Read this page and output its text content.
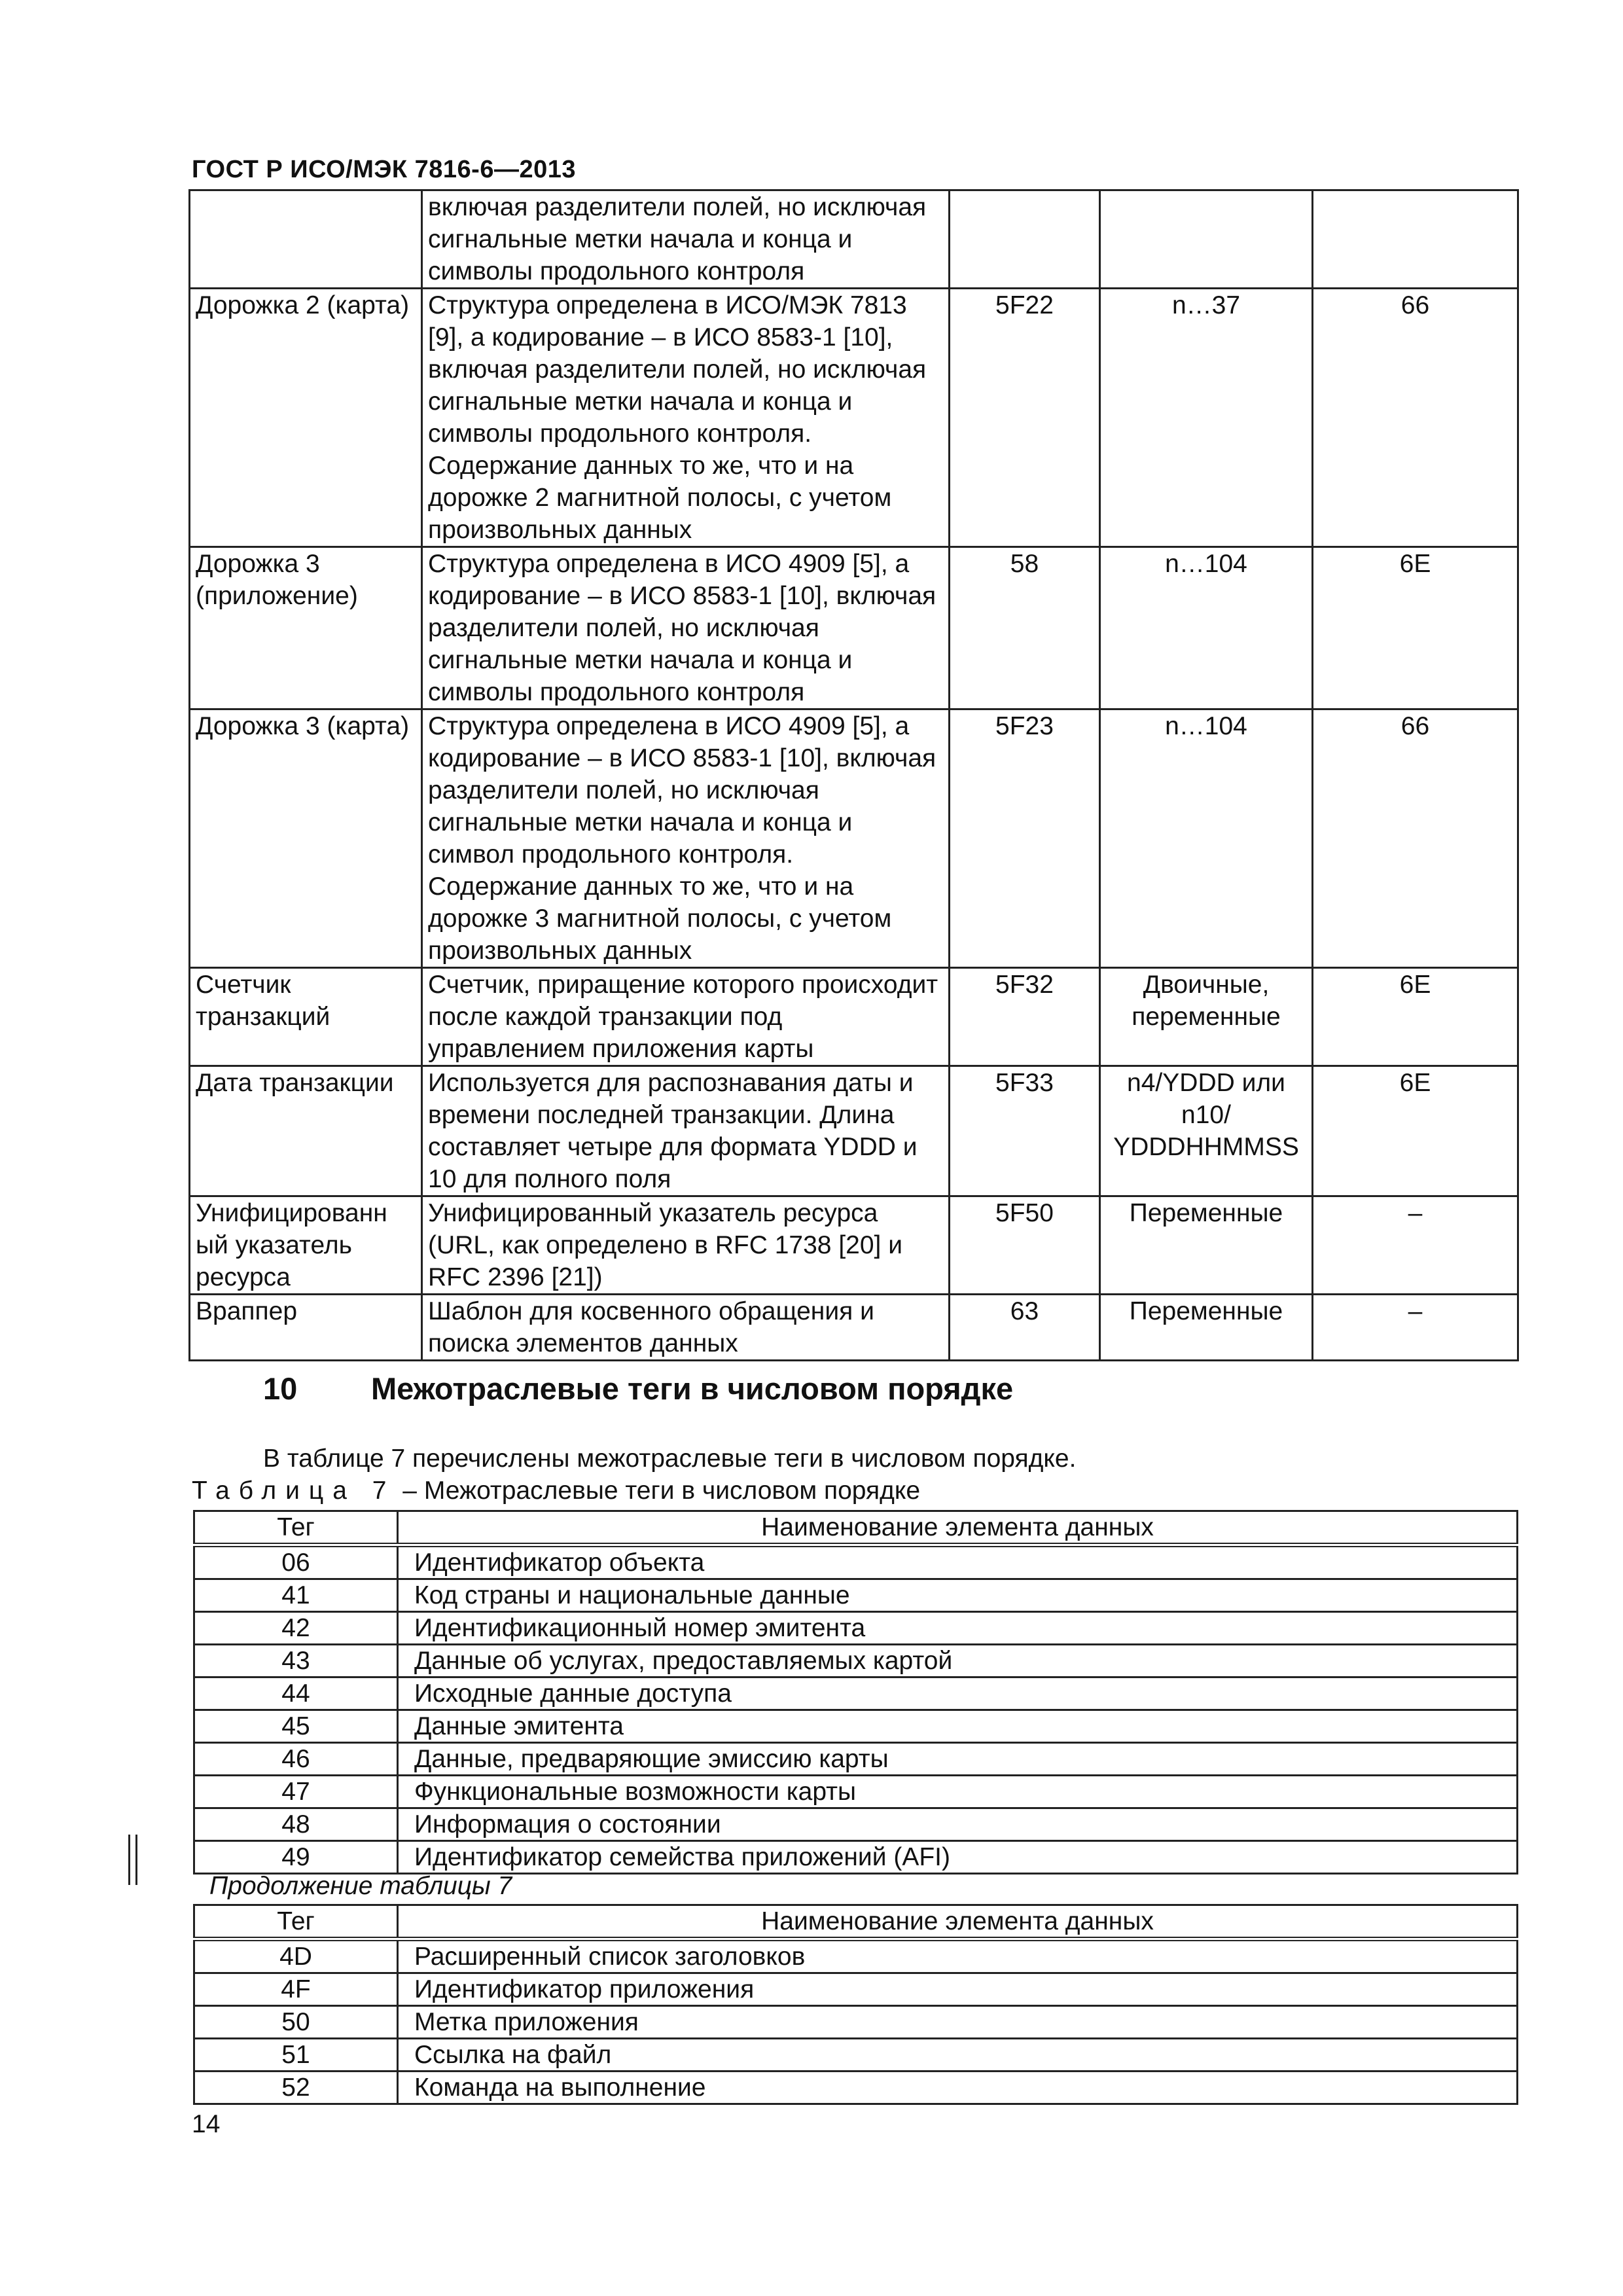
ГОСТ Р ИСО/МЭК 7816-6—2013
	включая разделители полей, но исключая сигнальные метки начала и конца и символы продольного контроля			
Дорожка 2 (карта)	Структура определена в ИСО/МЭК 7813 [9], а кодирование – в ИСО 8583-1 [10], включая разделители полей, но исключая сигнальные метки начала и конца и символы продольного контроля. Содержание данных то же, что и на дорожке 2 магнитной полосы, с учетом произвольных данных	5F22	n…37	66
Дорожка 3 (приложение)	Структура определена в ИСО 4909 [5], а кодирование – в ИСО 8583-1 [10], включая разделители полей, но исключая сигнальные метки начала и конца и символы продольного контроля	58	n…104	6E
Дорожка 3 (карта)	Структура определена в ИСО 4909 [5], а кодирование – в ИСО 8583-1 [10], включая разделители полей, но исключая сигнальные метки начала и конца и символ продольного контроля. Содержание данных то же, что и на дорожке 3 магнитной полосы, с учетом произвольных данных	5F23	n…104	66
Счетчик транзакций	Счетчик, приращение которого происходит после каждой транзакции под управлением приложения карты	5F32	Двоичные, переменные	6E
Дата транзакции	Используется для распознавания даты и времени последней транзакции. Длина составляет четыре для формата YDDD и 10 для полного поля	5F33	n4/YDDD или n10/ YDDDHHMMSS	6E
Унифицированн ый указатель ресурса	Унифицированный указатель ресурса (URL, как определено в RFC 1738 [20] и RFC 2396 [21])	5F50	Переменные	–
Враппер	Шаблон для косвенного обращения и поиска элементов данных	63	Переменные	–
10 Межотраслевые теги в числовом порядке
В таблице 7 перечислены межотраслевые теги в числовом порядке.
Таблица 7 – Межотраслевые теги в числовом порядке
Тег	Наименование элемента данных
06	Идентификатор объекта
41	Код страны и национальные данные
42	Идентификационный номер эмитента
43	Данные об услугах, предоставляемых картой
44	Исходные данные доступа
45	Данные эмитента
46	Данные, предваряющие эмиссию карты
47	Функциональные возможности карты
48	Информация о состоянии
49	Идентификатор семейства приложений (AFI)
Продолжение таблицы 7
Тег	Наименование элемента данных
4D	Расширенный список заголовков
4F	Идентификатор приложения
50	Метка приложения
51	Ссылка на файл
52	Команда на выполнение
14
